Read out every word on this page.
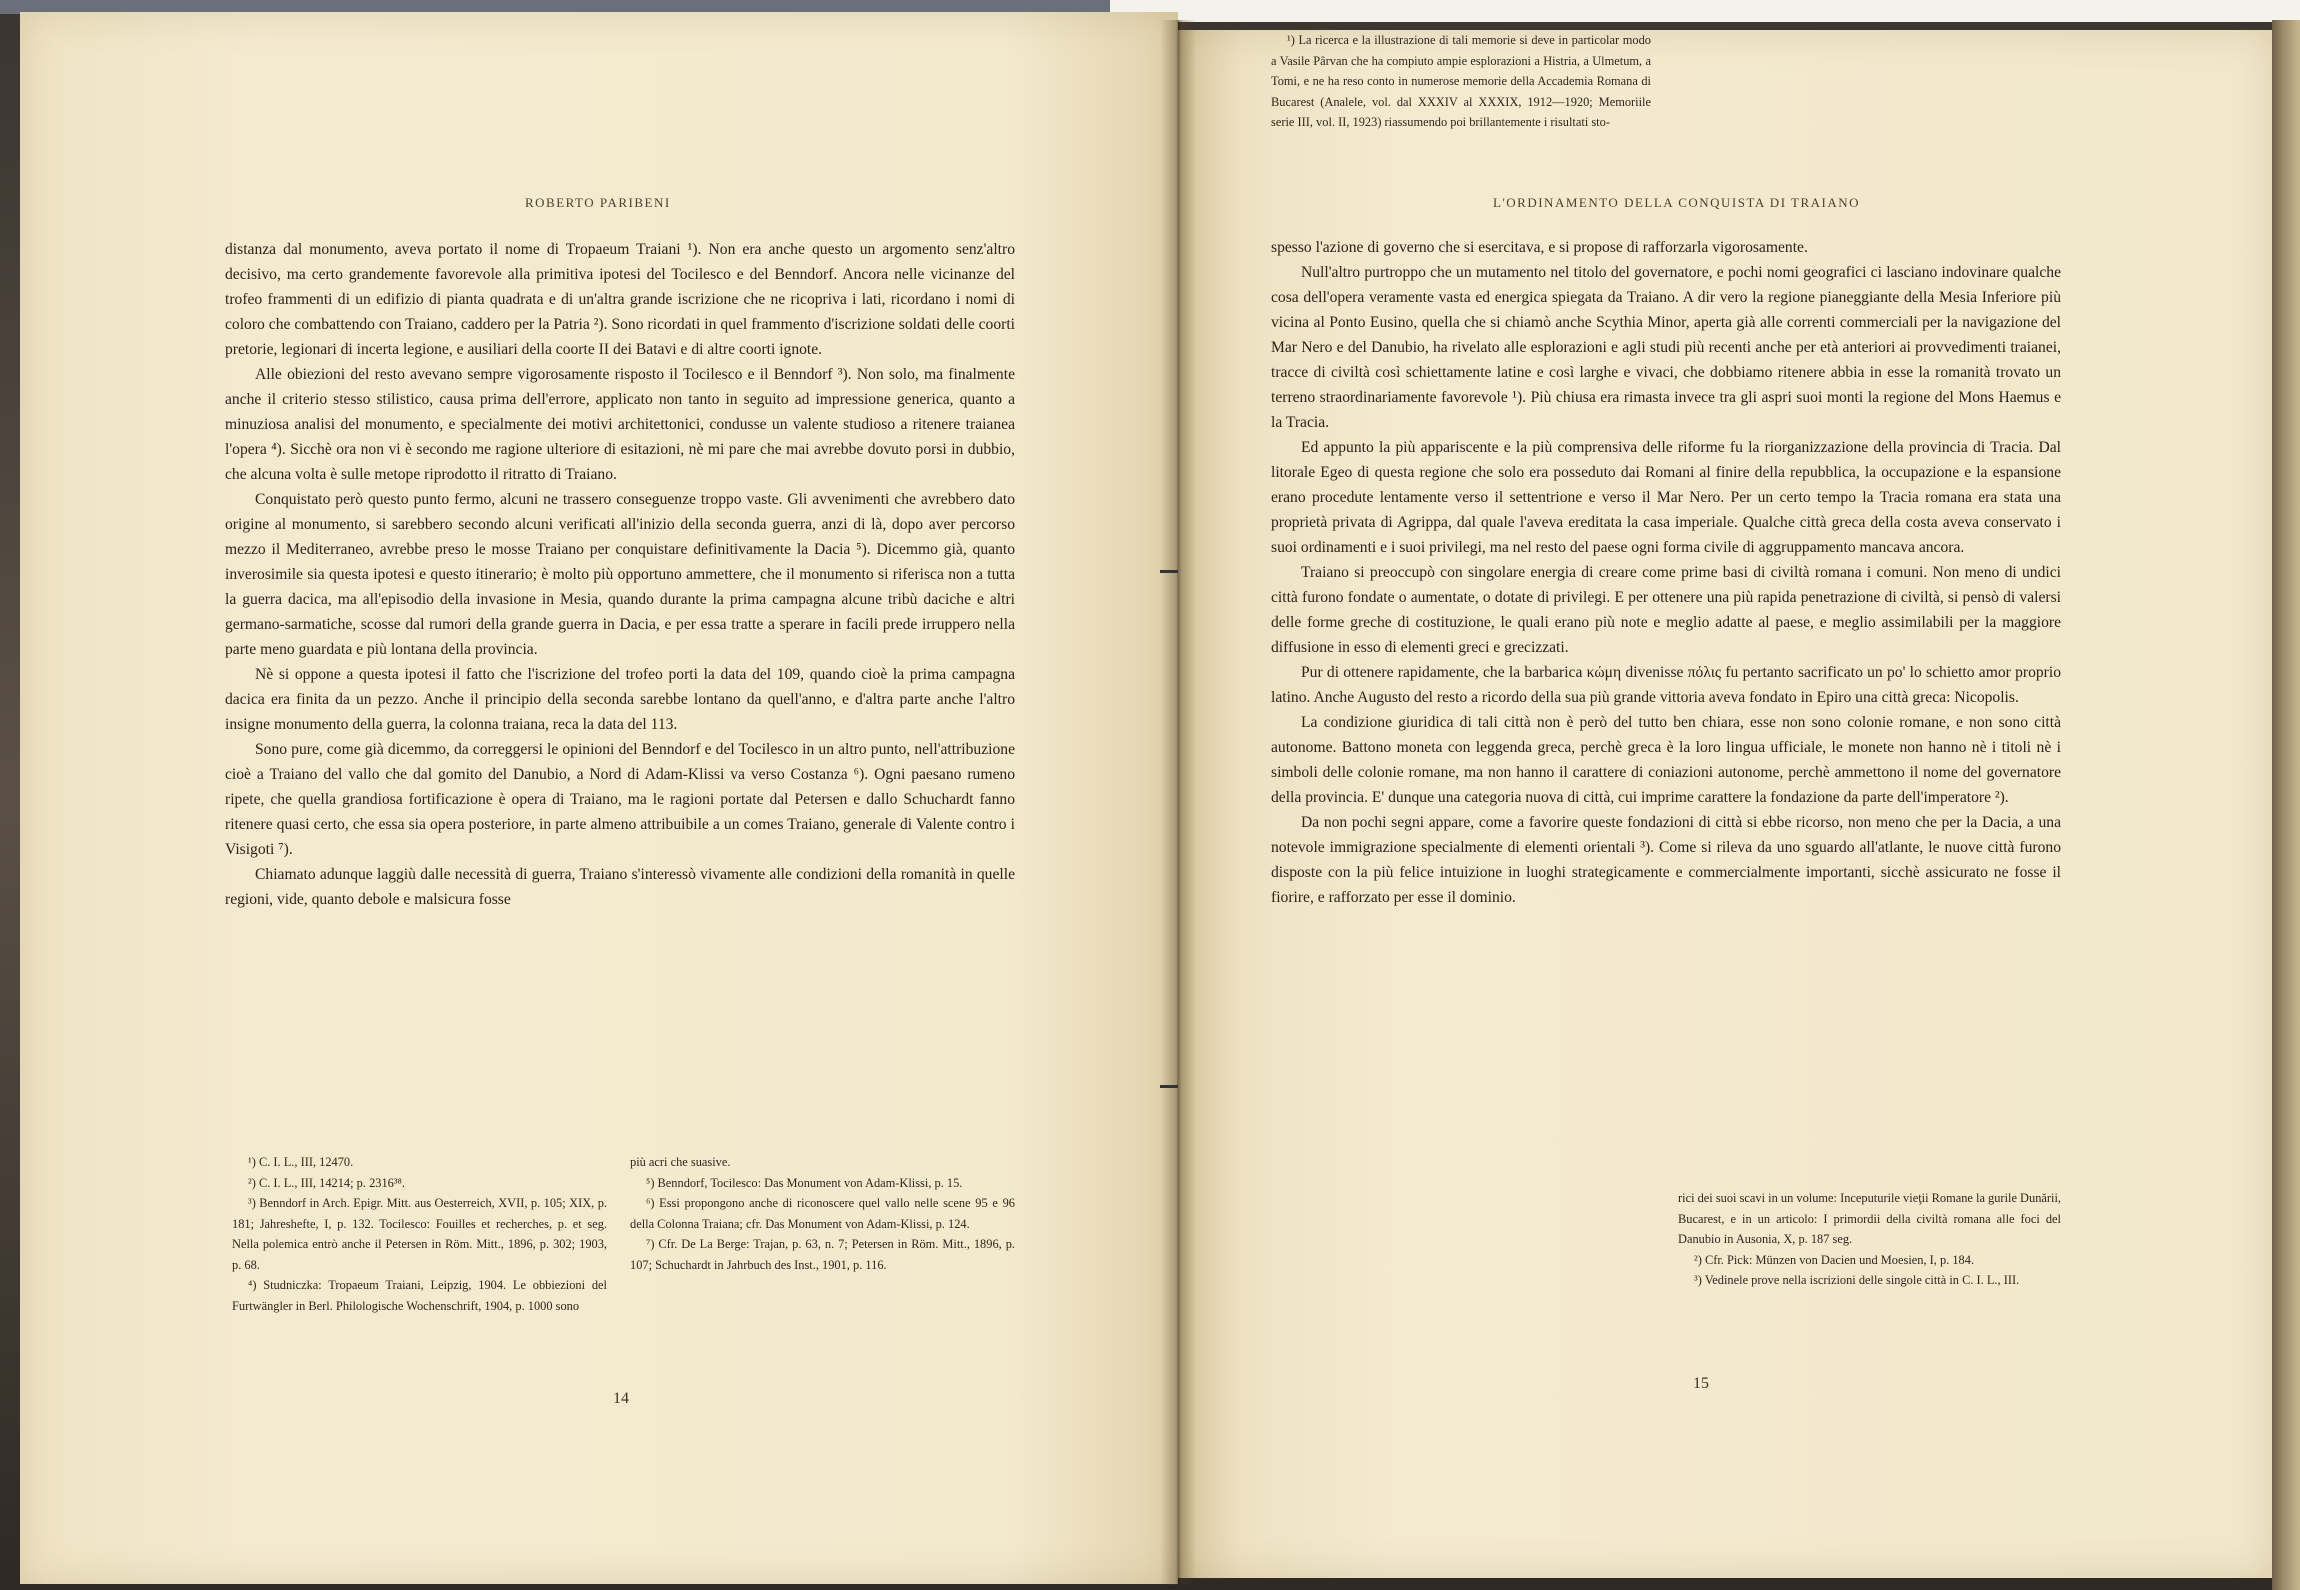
ROBERTO PARIBENI

distanza dal monumento, aveva portato il nome di Tropaeum Traiani ¹). Non era anche questo un argomento senz'altro decisivo, ma certo grandemente favorevole alla primitiva ipotesi del Tocilesco e del Benndorf. Ancora nelle vicinanze del trofeo frammenti di un edifizio di pianta quadrata e di un'altra grande iscrizione che ne ricopriva i lati, ricordano i nomi di coloro che combattendo con Traiano, caddero per la Patria ²). Sono ricordati in quel frammento d'iscrizione soldati delle coorti pretorie, legionari di incerta legione, e ausiliari della coorte II dei Batavi e di altre coorti ignote.

Alle obiezioni del resto avevano sempre vigorosamente risposto il Tocilesco e il Benndorf ³). Non solo, ma finalmente anche il criterio stesso stilistico, causa prima dell'errore, applicato non tanto in seguito ad impressione generica, quanto a minuziosa analisi del monumento, e specialmente dei motivi architettonici, condusse un valente studioso a ritenere traianea l'opera ⁴). Sicchè ora non vi è secondo me ragione ulteriore di esitazioni, nè mi pare che mai avrebbe dovuto porsi in dubbio, che alcuna volta è sulle metope riprodotto il ritratto di Traiano.

Conquistato però questo punto fermo, alcuni ne trassero conseguenze troppo vaste. Gli avvenimenti che avrebbero dato origine al monumento, si sarebbero secondo alcuni verificati all'inizio della seconda guerra, anzi di là, dopo aver percorso mezzo il Mediterraneo, avrebbe preso le mosse Traiano per conquistare definitivamente la Dacia ⁵). Dicemmo già, quanto inverosimile sia questa ipotesi e questo itinerario; è molto più opportuno ammettere, che il monumento si riferisca non a tutta la guerra dacica, ma all'episodio della invasione in Mesia, quando durante la prima campagna alcune tribù daciche e altri germano-sarmatiche, scosse dal rumori della grande guerra in Dacia, e per essa tratte a sperare in facili prede irruppero nella parte meno guardata e più lontana della provincia.

Nè si oppone a questa ipotesi il fatto che l'iscrizione del trofeo porti la data del 109, quando cioè la prima campagna dacica era finita da un pezzo. Anche il principio della seconda sarebbe lontano da quell'anno, e d'altra parte anche l'altro insigne monumento della guerra, la colonna traiana, reca la data del 113.

Sono pure, come già dicemmo, da correggersi le opinioni del Benndorf e del Tocilesco in un altro punto, nell'attribuzione cioè a Traiano del vallo che dal gomito del Danubio, a Nord di Adam-Klissi va verso Costanza ⁶). Ogni paesano rumeno ripete, che quella grandiosa fortificazione è opera di Traiano, ma le ragioni portate dal Petersen e dallo Schuchardt fanno ritenere quasi certo, che essa sia opera posteriore, in parte almeno attribuibile a un comes Traiano, generale di Valente contro i Visigoti ⁷).

Chiamato adunque laggiù dalle necessità di guerra, Traiano s'interessò vivamente alle condizioni della romanità in quelle regioni, vide, quanto debole e malsicura fosse

¹) C. I. L., III, 12470.

²) C. I. L., III, 14214; p. 2316³⁸.

³) Benndorf in Arch. Epigr. Mitt. aus Oesterreich, XVII, p. 105; XIX, p. 181; Jahreshefte, I, p. 132. Tocilesco: Fouilles et recherches, p. et seg. Nella polemica entrò anche il Petersen in Röm. Mitt., 1896, p. 302; 1903, p. 68.

⁴) Studniczka: Tropaeum Traiani, Leipzig, 1904. Le obbiezioni del Furtwängler in Berl. Philologische Wochenschrift, 1904, p. 1000 sono

più acri che suasive.

⁵) Benndorf, Tocilesco: Das Monument von Adam-Klissi, p. 15.

⁶) Essi propongono anche di riconoscere quel vallo nelle scene 95 e 96 della Colonna Traiana; cfr. Das Monument von Adam-Klissi, p. 124.

⁷) Cfr. De La Berge: Trajan, p. 63, n. 7; Petersen in Röm. Mitt., 1896, p. 107; Schuchardt in Jahrbuch des Inst., 1901, p. 116.

14
L'ORDINAMENTO DELLA CONQUISTA DI TRAIANO

spesso l'azione di governo che si esercitava, e si propose di rafforzarla vigorosamente.

Null'altro purtroppo che un mutamento nel titolo del governatore, e pochi nomi geografici ci lasciano indovinare qualche cosa dell'opera veramente vasta ed energica spiegata da Traiano. A dir vero la regione pianeggiante della Mesia Inferiore più vicina al Ponto Eusino, quella che si chiamò anche Scythia Minor, aperta già alle correnti commerciali per la navigazione del Mar Nero e del Danubio, ha rivelato alle esplorazioni e agli studi più recenti anche per età anteriori ai provvedimenti traianei, tracce di civiltà così schiettamente latine e così larghe e vivaci, che dobbiamo ritenere abbia in esse la romanità trovato un terreno straordinariamente favorevole ¹). Più chiusa era rimasta invece tra gli aspri suoi monti la regione del Mons Haemus e la Tracia.

Ed appunto la più appariscente e la più comprensiva delle riforme fu la riorganizzazione della provincia di Tracia. Dal litorale Egeo di questa regione che solo era posseduto dai Romani al finire della repubblica, la occupazione e la espansione erano procedute lentamente verso il settentrione e verso il Mar Nero. Per un certo tempo la Tracia romana era stata una proprietà privata di Agrippa, dal quale l'aveva ereditata la casa imperiale. Qualche città greca della costa aveva conservato i suoi ordinamenti e i suoi privilegi, ma nel resto del paese ogni forma civile di aggruppamento mancava ancora.

Traiano si preoccupò con singolare energia di creare come prime basi di civiltà romana i comuni. Non meno di undici città furono fondate o aumentate, o dotate di privilegi. E per ottenere una più rapida penetrazione di civiltà, si pensò di valersi delle forme greche di costituzione, le quali erano più note e meglio adatte al paese, e meglio assimilabili per la maggiore diffusione in esso di elementi greci e grecizzati.

Pur di ottenere rapidamente, che la barbarica κώμη divenisse πόλις fu pertanto sacrificato un po' lo schietto amor proprio latino. Anche Augusto del resto a ricordo della sua più grande vittoria aveva fondato in Epiro una città greca: Nicopolis.

La condizione giuridica di tali città non è però del tutto ben chiara, esse non sono colonie romane, e non sono città autonome. Battono moneta con leggenda greca, perchè greca è la loro lingua ufficiale, le monete non hanno nè i titoli nè i simboli delle colonie romane, ma non hanno il carattere di coniazioni autonome, perchè ammettono il nome del governatore della provincia. E' dunque una categoria nuova di città, cui imprime carattere la fondazione da parte dell'imperatore ²).

Da non pochi segni appare, come a favorire queste fondazioni di città si ebbe ricorso, non meno che per la Dacia, a una notevole immigrazione specialmente di elementi orientali ³). Come si rileva da uno sguardo all'atlante, le nuove città furono disposte con la più felice intuizione in luoghi strategicamente e commercialmente importanti, sicchè assicurato ne fosse il fiorire, e rafforzato per esse il dominio.

¹) La ricerca e la illustrazione di tali memorie si deve in particolar modo a Vasile Pârvan che ha compiuto ampie esplorazioni a Histria, a Ulmetum, a Tomi, e ne ha reso conto in numerose memorie della Accademia Romana di Bucarest (Analele, vol. dal XXXIV al XXXIX, 1912—1920; Memoriile serie III, vol. II, 1923) riassumendo poi brillantemente i risultati sto-

rici dei suoi scavi in un volume: Inceputurile vieţii Romane la gurile Dunării, Bucarest, e in un articolo: I primordii della civiltà romana alle foci del Danubio in Ausonia, X, p. 187 seg.

²) Cfr. Pick: Münzen von Dacien und Moesien, I, p. 184.

³) Vedinele prove nella iscrizioni delle singole città in C. I. L., III.

15
